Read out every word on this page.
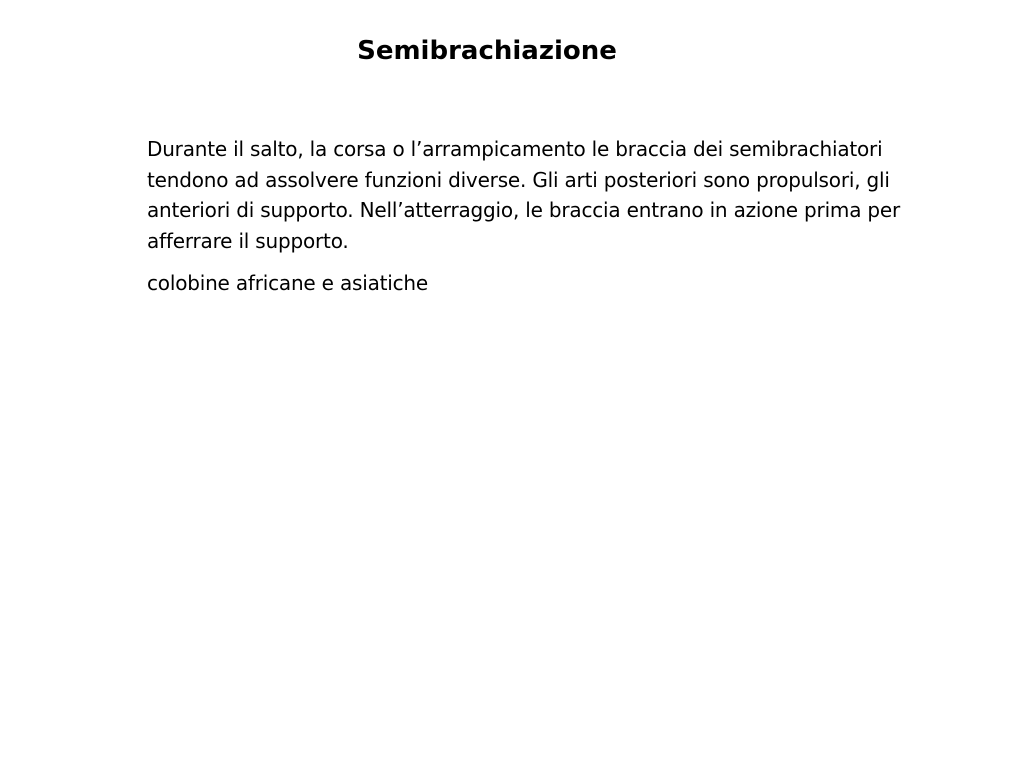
Semibrachiazione

Durante il salto, la corsa o l’arrampicamento le braccia dei semibrachiatori tendono ad assolvere funzioni diverse. Gli arti posteriori sono propulsori, gli anteriori di supporto. Nell’atterraggio, le braccia entrano in azione prima per afferrare il supporto.

colobine africane e asiatiche
